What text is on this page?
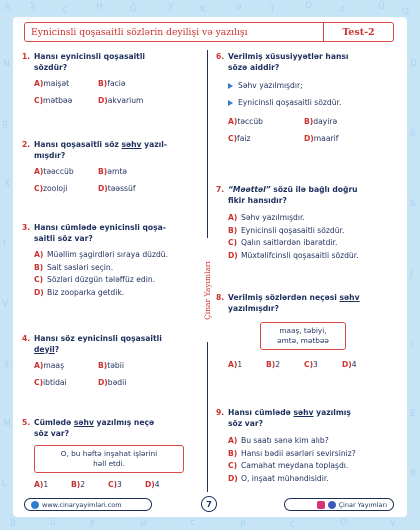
A Ş	ç	H	Ğ	y	K	ə	T	Ö	z	Ü Q
N
ğ
X
İ
V
ş
M
L
D
ö
S
J
ı
E
R
B	ü	F	Ə	c	P	ç	O	Y
Eynicinsli qoşasaitli sözlərin deyilişi və yazılışı	Test-2
Çinar Yayımları
1. Hansı eynicinsli qoşasaitli
sözdür?
A)maişət	B)faciə
C)mətbəə	D)akvarium
2. Hansı qoşasaitli söz səhv yazıl-
mışdır?
A)təəccüb	B)əmtə
C)zooloji	D)təəssüf
3. Hansı cümlədə eynicinsli qoşa-
saitli söz var?
A) Müəllim şagirdləri sıraya düzdü.
B) Sait səsləri seçin.
C) Sözləri düzgün tələffüz edin.
D) Biz zooparka getdik.
4. Hansı söz eynicinsli qoşasaitli
deyil?
A)maaş	B)təbii
C)ibtidai	D)bədii
5. Cümlədə səhv yazılmış neçə
söz var?
O, bu həftə inşahat işlərini
həll etdi.
A)1	B)2	C)3	D)4
6. Verilmiş xüsusiyyətlər hansı
sözə aiddir?
Səhv yazılmışdır;
Eynicinsli qoşasaitli sözdür.
A)təccüb	B)dayirə
C)faiz	D)maarif
7. “Məəttəl” sözü ilə bağlı doğru
fikir hansıdır?
A) Səhv yazılmışdır.
B) Eynicinsli qoşasaitli sözdür.
C) Qalın saitlərdən ibarətdir.
D) Müxtəlifcinsli qoşasaitli sözdür.
8. Verilmiş sözlərdən neçəsi səhv
yazılmışdır?
maaş, təbiyi,
əmtə, mətbəə
A)1	B)2	C)3	D)4
9. Hansı cümlədə səhv yazılmış
söz var?
A) Bu saatı sənə kim alıb?
B) Hansı bədii əsərləri sevirsiniz?
C) Camahat meydana toplaşdı.
D) O, inşaat mühəndisidir.
www.cinaryayimlari.com	7	Çinar Yayımları
